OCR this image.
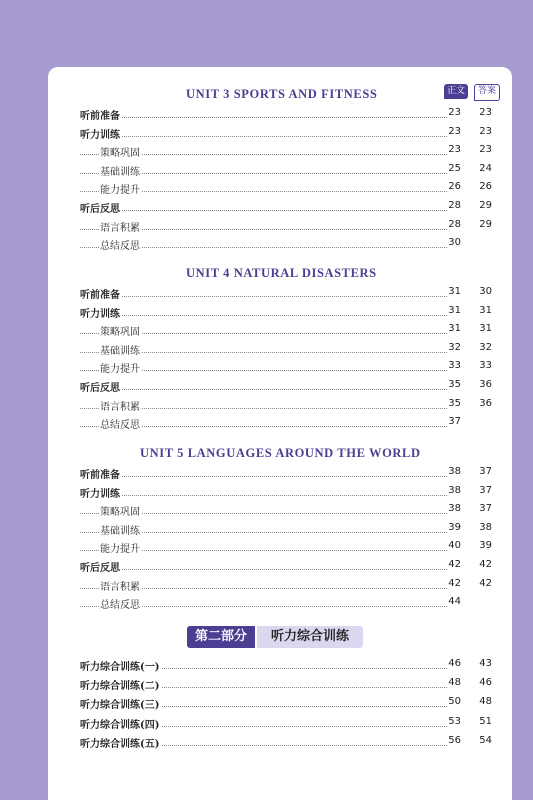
正文	答案
UNIT 3 SPORTS AND FITNESS
听前准备	23 23
听力训练	23 23
策略巩固	23 23
基础训练	25 24
能力提升	26 26
听后反思	28 29
语言积累	28 29
总结反思	30
UNIT 4 NATURAL DISASTERS
听前准备	31 30
听力训练	31 31
策略巩固	31 31
基础训练	32 32
能力提升	33 33
听后反思	35 36
语言积累	35 36
总结反思	37
UNIT 5 LANGUAGES AROUND THE WORLD
听前准备	38 37
听力训练	38 37
策略巩固	38 37
基础训练	39 38
能力提升	40 39
听后反思	42 42
语言积累	42 42
总结反思	44
第二部分	听力综合训练
听力综合训练(一)	46 43
听力综合训练(二)	48 46
听力综合训练(三)	50 48
听力综合训练(四)	53 51
听力综合训练(五)	56 54
